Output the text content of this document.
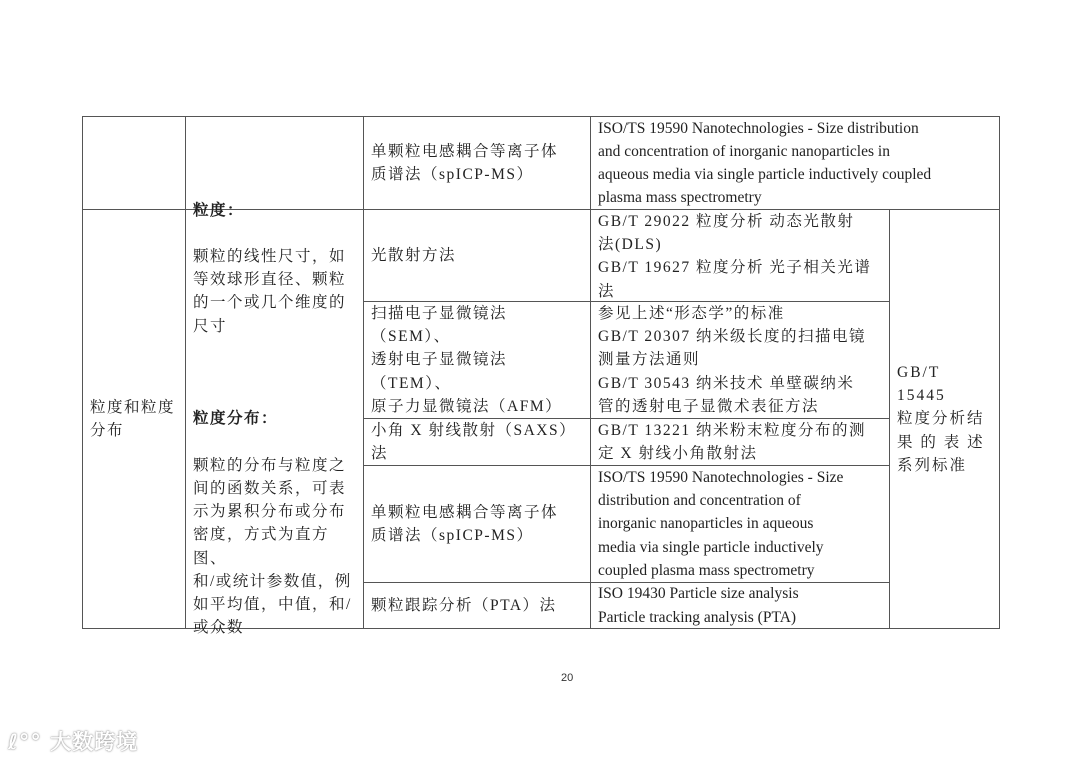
单颗粒电感耦合等离子体
质谱法（spICP-MS）
ISO/TS 19590 Nanotechnologies - Size distribution
and concentration of inorganic nanoparticles in
aqueous media via single particle inductively coupled
plasma mass spectrometry
粒度和粒度
分布

粒度：

颗粒的线性尺寸，如
等效球形直径、颗粒
的一个或几个维度的
尺寸

粒度分布：

颗粒的分布与粒度之
间的函数关系，可表
示为累积分布或分布
密度，方式为直方图、
和/或统计参数值，例
如平均值，中值，和/
或众数

GB/T 15445
粒度分析结
果 的 表 述
系列标准
光散射方法
GB/T 29022 粒度分析 动态光散射
法(DLS)
GB/T 19627 粒度分析 光子相关光谱
法
扫描电子显微镜法（SEM）、
透射电子显微镜法（TEM）、
原子力显微镜法（AFM）
参见上述“形态学”的标准
GB/T 20307 纳米级长度的扫描电镜
测量方法通则
GB/T 30543 纳米技术 单壁碳纳米
管的透射电子显微术表征方法
小角 X 射线散射（SAXS）
法
GB/T 13221 纳米粉末粒度分布的测
定 X 射线小角散射法
单颗粒电感耦合等离子体
质谱法（spICP-MS）
ISO/TS 19590 Nanotechnologies - Size
distribution and concentration of
inorganic nanoparticles in aqueous
media via single particle inductively
coupled plasma mass spectrometry
颗粒跟踪分析（PTA）法
ISO 19430 Particle size analysis
Particle tracking analysis (PTA)
20
ℓ°° 大数跨境
